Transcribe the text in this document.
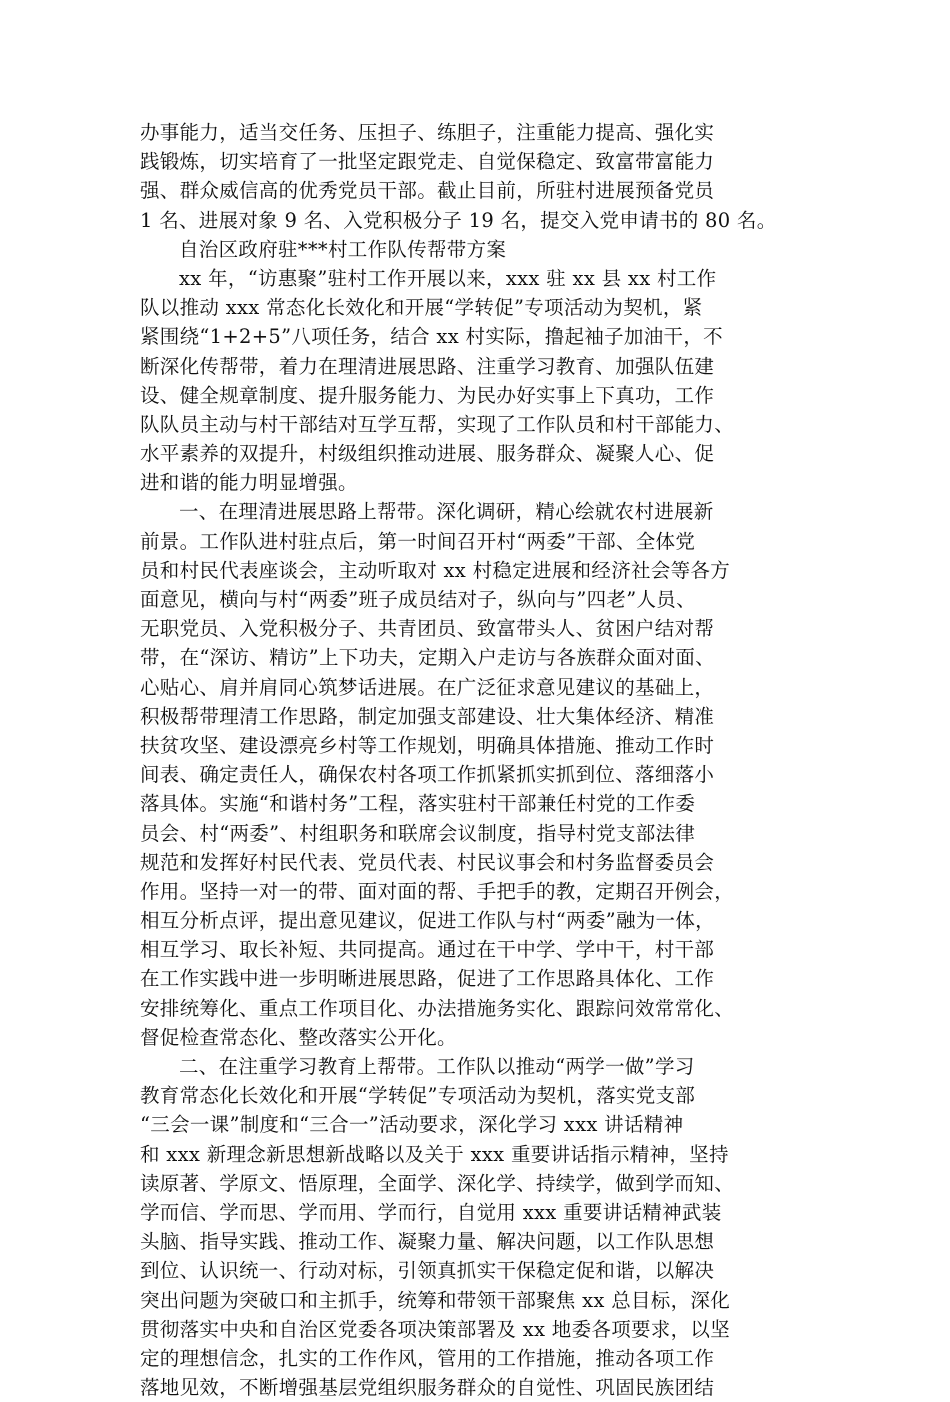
办事能力，适当交任务、压担子、练胆子，注重能力提高、强化实
践锻炼，切实培育了一批坚定跟党走、自觉保稳定、致富带富能力
强、群众威信高的优秀党员干部。截止目前，所驻村进展预备党员
1 名、进展对象 9 名、入党积极分子 19 名，提交入党申请书的 80 名。
自治区政府驻***村工作队传帮带方案
xx 年，“访惠聚”驻村工作开展以来，xxx 驻 xx 县 xx 村工作
队以推动 xxx 常态化长效化和开展“学转促”专项活动为契机，紧
紧围绕“1+2+5”八项任务，结合 xx 村实际，撸起袖子加油干，不
断深化传帮带，着力在理清进展思路、注重学习教育、加强队伍建
设、健全规章制度、提升服务能力、为民办好实事上下真功，工作
队队员主动与村干部结对互学互帮，实现了工作队员和村干部能力、
水平素养的双提升，村级组织推动进展、服务群众、凝聚人心、促
进和谐的能力明显增强。
一、在理清进展思路上帮带。深化调研，精心绘就农村进展新
前景。工作队进村驻点后，第一时间召开村“两委”干部、全体党
员和村民代表座谈会，主动听取对 xx 村稳定进展和经济社会等各方
面意见，横向与村“两委”班子成员结对子，纵向与”四老”人员、
无职党员、入党积极分子、共青团员、致富带头人、贫困户结对帮
带，在“深访、精访”上下功夫，定期入户走访与各族群众面对面、
心贴心、肩并肩同心筑梦话进展。在广泛征求意见建议的基础上，
积极帮带理清工作思路，制定加强支部建设、壮大集体经济、精准
扶贫攻坚、建设漂亮乡村等工作规划，明确具体措施、推动工作时
间表、确定责任人，确保农村各项工作抓紧抓实抓到位、落细落小
落具体。实施“和谐村务”工程，落实驻村干部兼任村党的工作委
员会、村“两委”、村组职务和联席会议制度，指导村党支部法律
规范和发挥好村民代表、党员代表、村民议事会和村务监督委员会
作用。坚持一对一的带、面对面的帮、手把手的教，定期召开例会，
相互分析点评，提出意见建议，促进工作队与村“两委”融为一体，
相互学习、取长补短、共同提高。通过在干中学、学中干，村干部
在工作实践中进一步明晰进展思路，促进了工作思路具体化、工作
安排统筹化、重点工作项目化、办法措施务实化、跟踪问效常常化、
督促检查常态化、整改落实公开化。
二、在注重学习教育上帮带。工作队以推动“两学一做”学习
教育常态化长效化和开展“学转促”专项活动为契机，落实党支部
“三会一课”制度和“三合一”活动要求，深化学习 xxx 讲话精神
和 xxx 新理念新思想新战略以及关于 xxx 重要讲话指示精神，坚持
读原著、学原文、悟原理，全面学、深化学、持续学，做到学而知、
学而信、学而思、学而用、学而行，自觉用 xxx 重要讲话精神武装
头脑、指导实践、推动工作、凝聚力量、解决问题，以工作队思想
到位、认识统一、行动对标，引领真抓实干保稳定促和谐，以解决
突出问题为突破口和主抓手，统筹和带领干部聚焦 xx 总目标，深化
贯彻落实中央和自治区党委各项决策部署及 xx 地委各项要求，以坚
定的理想信念，扎实的工作作风，管用的工作措施，推动各项工作
落地见效，不断增强基层党组织服务群众的自觉性、巩固民族团结
